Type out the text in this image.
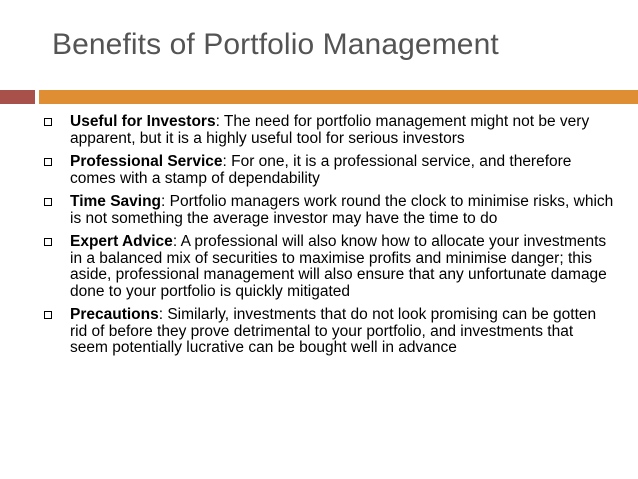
Benefits of Portfolio Management
Useful for Investors: The need for portfolio management might not be very apparent, but it is a highly useful tool for serious investors
Professional Service: For one, it is a professional service, and therefore comes with a stamp of dependability
Time Saving: Portfolio managers work round the clock to minimise risks, which is not something the average investor may have the time to do
Expert Advice: A professional will also know how to allocate your investments in a balanced mix of securities to maximise profits and minimise danger; this aside, professional management will also ensure that any unfortunate damage done to your portfolio is quickly mitigated
Precautions: Similarly, investments that do not look promising can be gotten rid of before they prove detrimental to your portfolio, and investments that seem potentially lucrative can be bought well in advance
